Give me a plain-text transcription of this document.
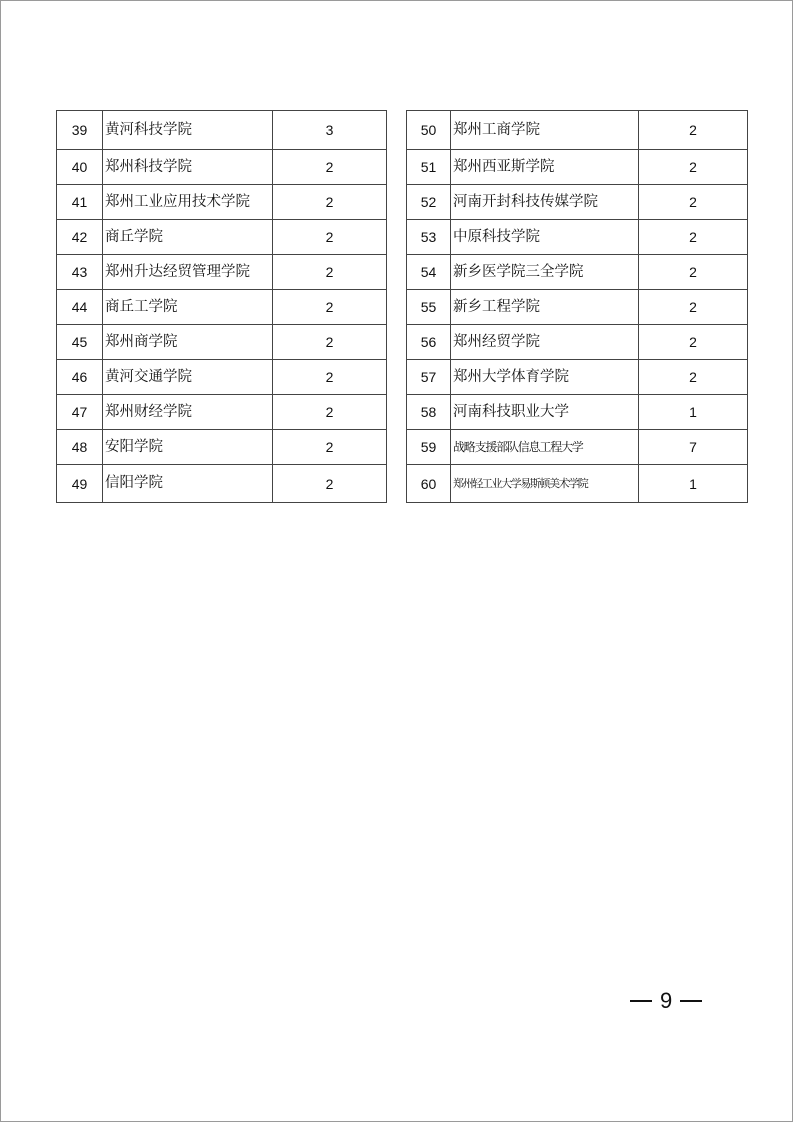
39	黄河科技学院	3
40	郑州科技学院	2
41	郑州工业应用技术学院	2
42	商丘学院	2
43	郑州升达经贸管理学院	2
44	商丘工学院	2
45	郑州商学院	2
46	黄河交通学院	2
47	郑州财经学院	2
48	安阳学院	2
49	信阳学院	2
50	郑州工商学院	2
51	郑州西亚斯学院	2
52	河南开封科技传媒学院	2
53	中原科技学院	2
54	新乡医学院三全学院	2
55	新乡工程学院	2
56	郑州经贸学院	2
57	郑州大学体育学院	2
58	河南科技职业大学	1
59	战略支援部队信息工程大学	7
60	郑州轻工业大学易斯顿美术学院	1
9
